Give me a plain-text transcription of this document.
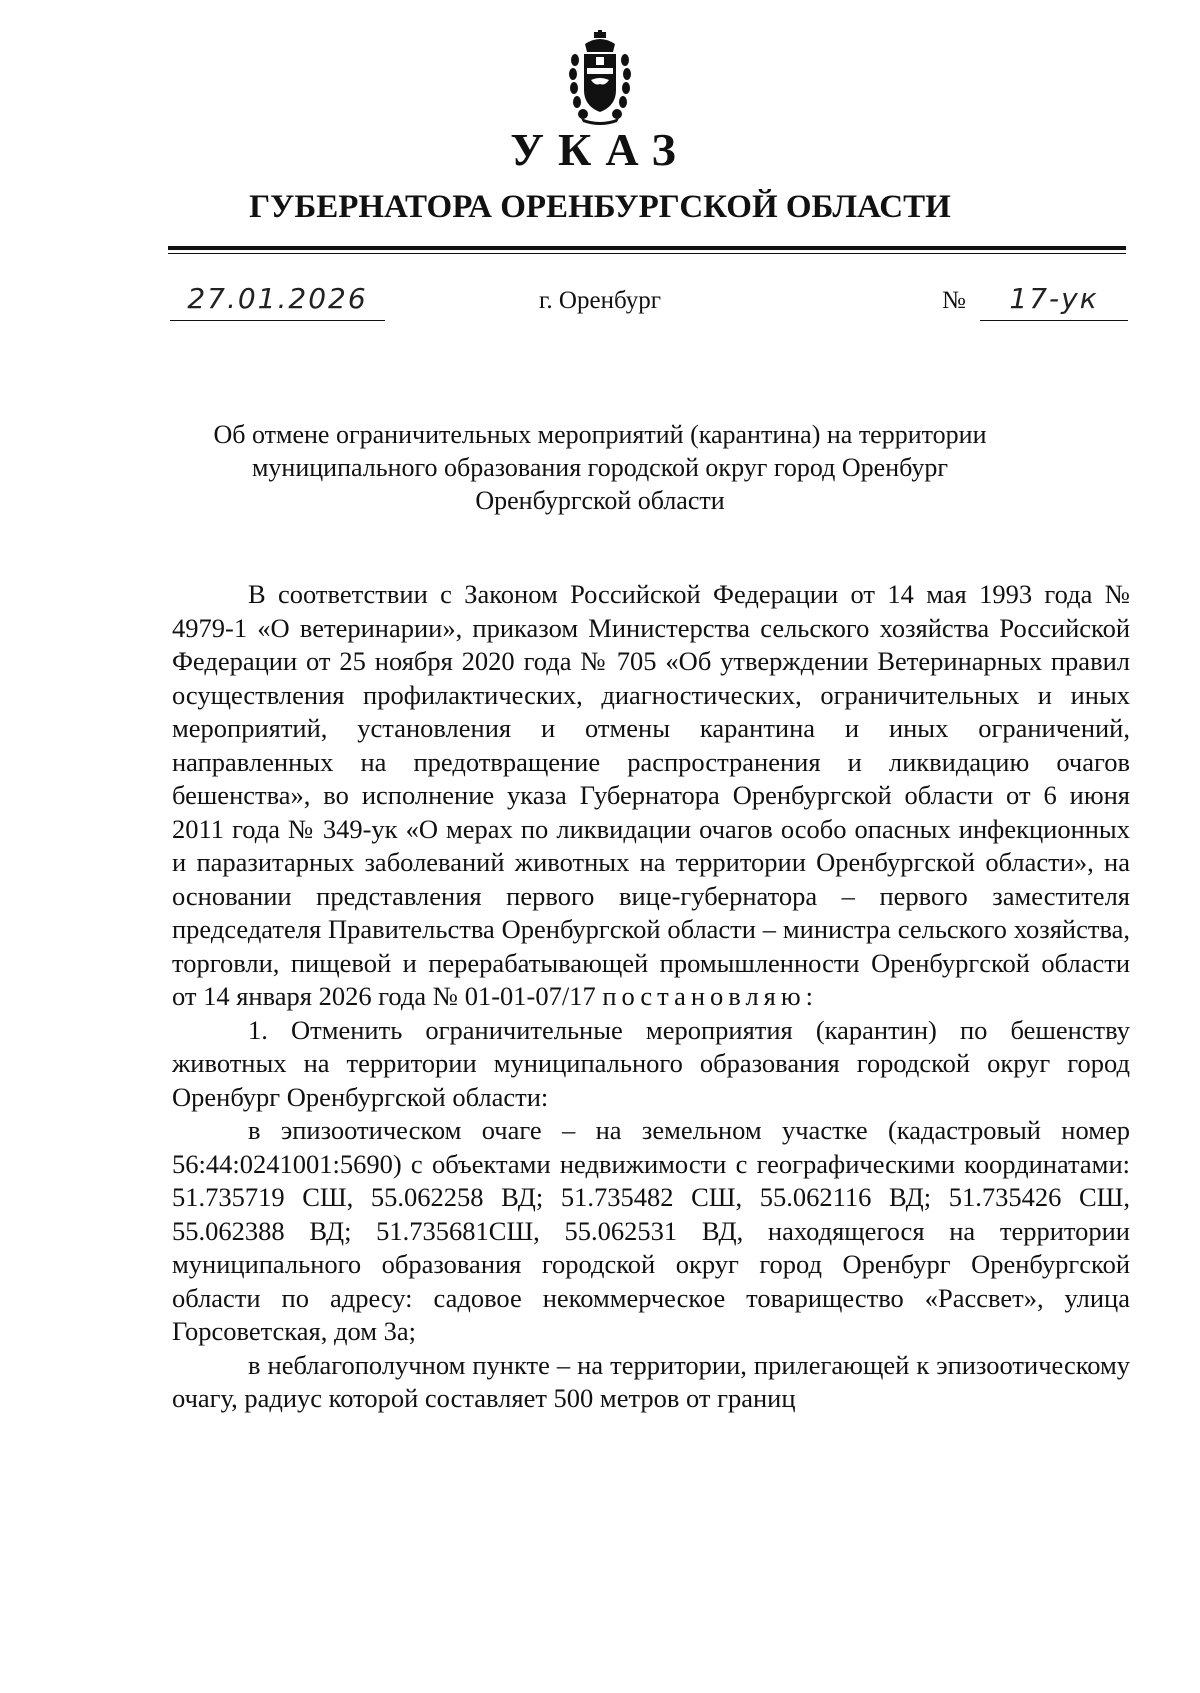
УКАЗ
ГУБЕРНАТОРА ОРЕНБУРГСКОЙ ОБЛАСТИ
27.01.2026	г. Оренбург	№	17-ук
Об отмене ограничительных мероприятий (карантина) на территории муниципального образования городской округ город Оренбург Оренбургской области

В соответствии с Законом Российской Федерации от 14 мая 1993 года № 4979-1 «О ветеринарии», приказом Министерства сельского хозяйства Российской Федерации от 25 ноября 2020 года № 705 «Об утверждении Ветеринарных правил осуществления профилактических, диагностических, ограничительных и иных мероприятий, установления и отмены карантина и иных ограничений, направленных на предотвращение распространения и ликвидацию очагов бешенства», во исполнение указа Губернатора Оренбургской области от 6 июня 2011 года № 349-ук «О мерах по ликвидации очагов особо опасных инфекционных и паразитарных заболеваний животных на территории Оренбургской области», на основании представления первого вице-губернатора – первого заместителя председателя Правительства Оренбургской области – министра сельского хозяйства, торговли, пищевой и перерабатывающей промышленности Оренбургской области от 14 января 2026 года № 01-01-07/17 постановляю:

1. Отменить ограничительные мероприятия (карантин) по бешенству животных на территории муниципального образования городской округ город Оренбург Оренбургской области:

в эпизоотическом очаге – на земельном участке (кадастровый номер 56:44:0241001:5690) с объектами недвижимости с географическими координатами: 51.735719 СШ, 55.062258 ВД; 51.735482 СШ, 55.062116 ВД; 51.735426 СШ, 55.062388 ВД; 51.735681СШ, 55.062531 ВД, находящегося на территории муниципального образования городской округ город Оренбург Оренбургской области по адресу: садовое некоммерческое товарищество «Рассвет», улица Горсоветская, дом 3а;

в неблагополучном пункте – на территории, прилегающей к эпизоотическому очагу, радиус которой составляет 500 метров от границ
